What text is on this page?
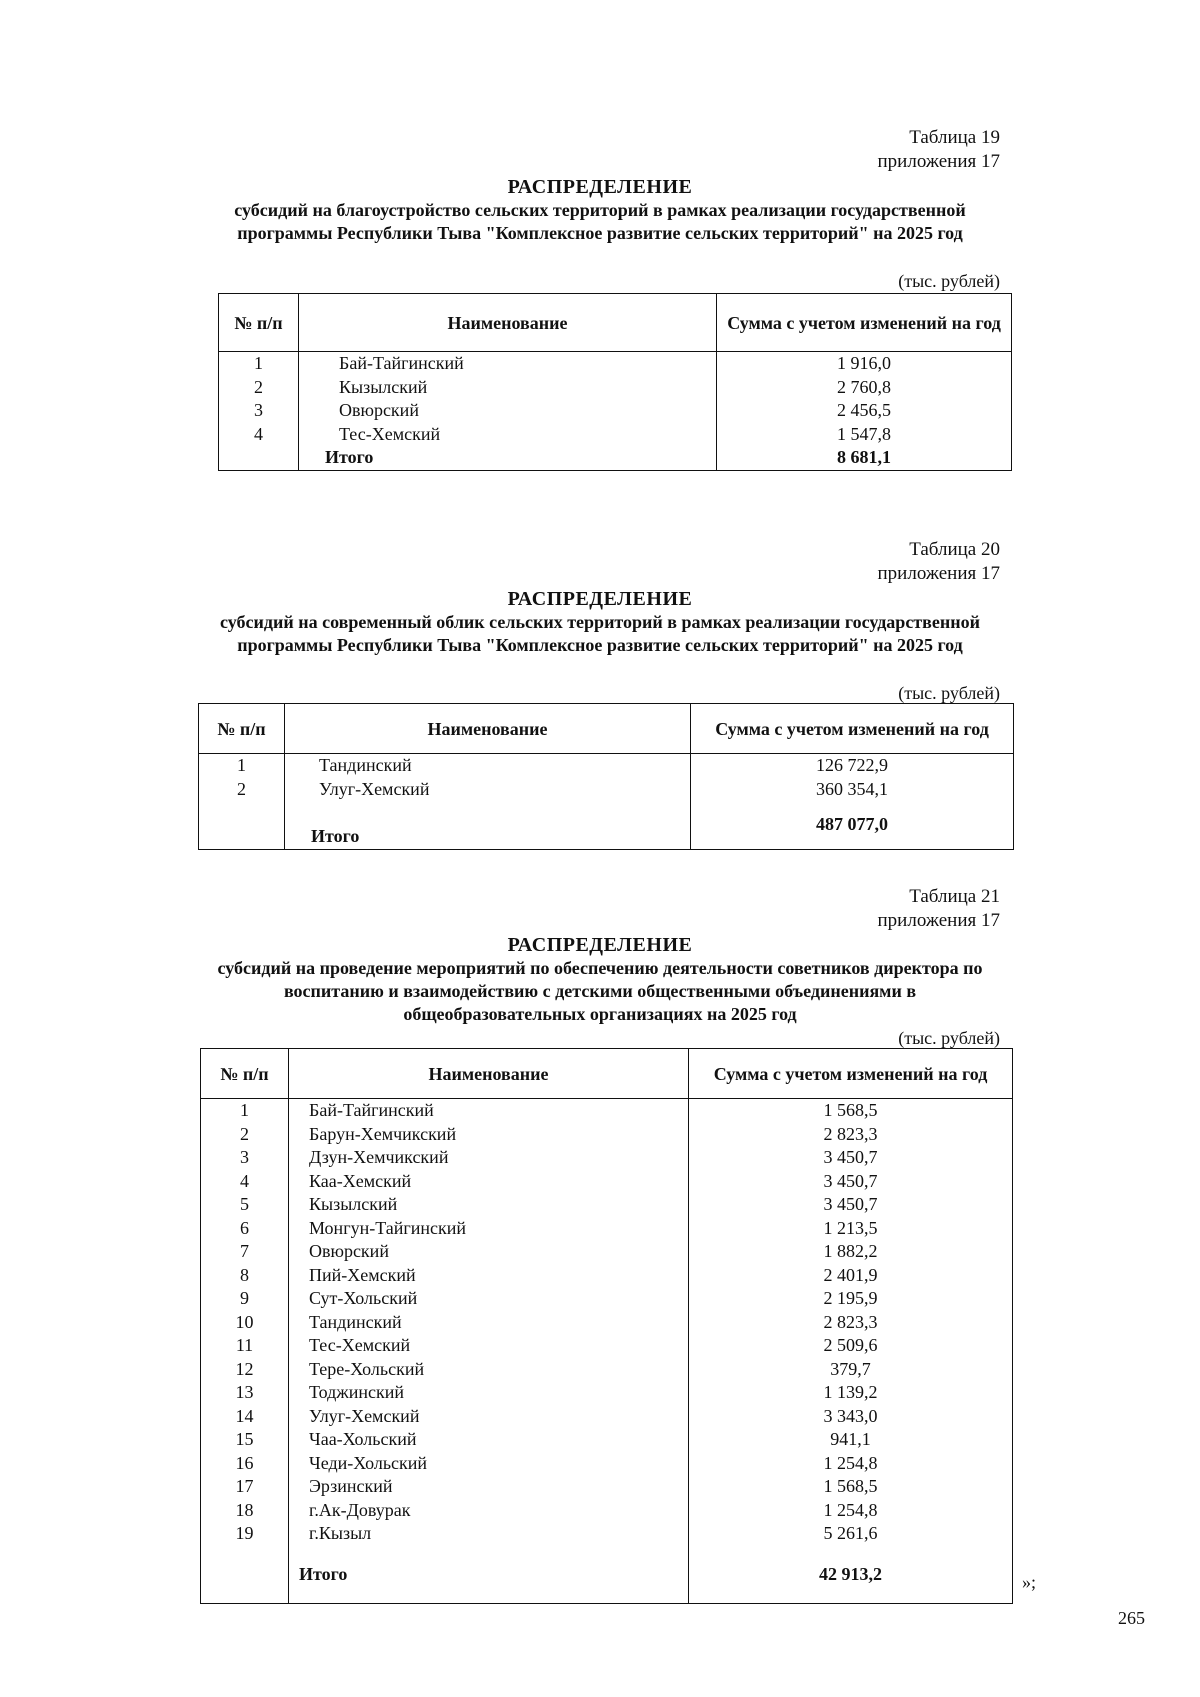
Таблица 19
приложения 17
РАСПРЕДЕЛЕНИЕ
субсидий на благоустройство сельских территорий в рамках реализации государственной программы Республики Тыва "Комплексное развитие сельских территорий" на 2025 год
(тыс. рублей)
№ п/п	Наименование	Сумма с учетом изменений на год
1	Бай-Тайгинский	1 916,0
2	Кызылский	2 760,8
3	Овюрский	2 456,5
4	Тес-Хемский	1 547,8
	Итого	8 681,1
Таблица 20
приложения 17
РАСПРЕДЕЛЕНИЕ
субсидий на современный облик сельских территорий в рамках реализации государственной программы Республики Тыва "Комплексное развитие сельских территорий" на 2025 год
(тыс. рублей)
№ п/п	Наименование	Сумма с учетом изменений на год
1	Тандинский	126 722,9
2	Улуг-Хемский	360 354,1
	Итого	487 077,0
Таблица 21
приложения 17
РАСПРЕДЕЛЕНИЕ
субсидий на проведение мероприятий по обеспечению деятельности советников директора по воспитанию и взаимодействию с детскими общественными объединениями в общеобразовательных организациях на 2025 год
(тыс. рублей)
№ п/п	Наименование	Сумма с учетом изменений на год
1	Бай-Тайгинский	1 568,5
2	Барун-Хемчикский	2 823,3
3	Дзун-Хемчикский	3 450,7
4	Каа-Хемский	3 450,7
5	Кызылский	3 450,7
6	Монгун-Тайгинский	1 213,5
7	Овюрский	1 882,2
8	Пий-Хемский	2 401,9
9	Сут-Хольский	2 195,9
10	Тандинский	2 823,3
11	Тес-Хемский	2 509,6
12	Тере-Хольский	379,7
13	Тоджинский	1 139,2
14	Улуг-Хемский	3 343,0
15	Чаа-Хольский	941,1
16	Чеди-Хольский	1 254,8
17	Эрзинский	1 568,5
18	г.Ак-Довурак	1 254,8
19	г.Кызыл	5 261,6
	Итого	42 913,2	»;
265
